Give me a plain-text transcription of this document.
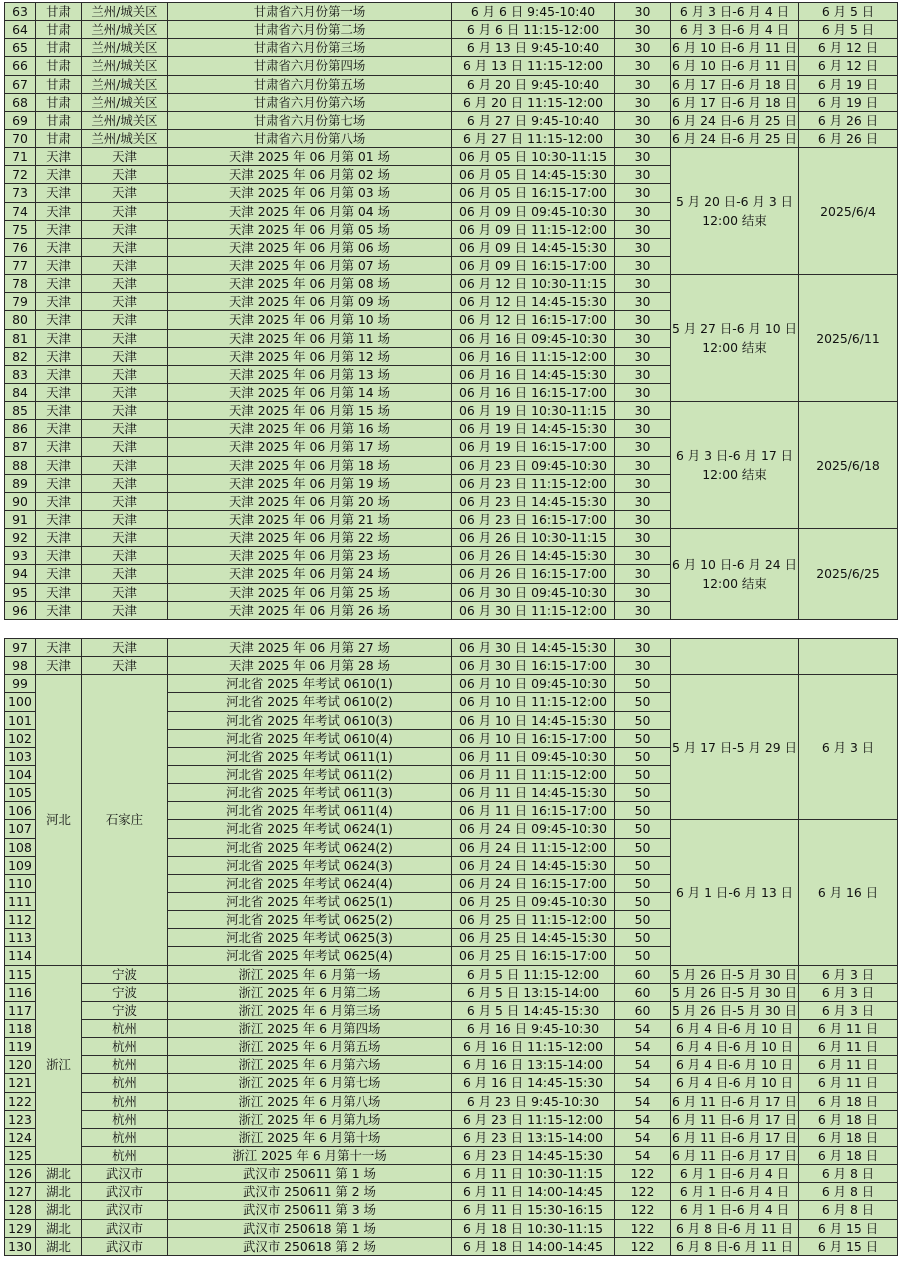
63	甘肃	兰州/城关区	甘肃省六月份第一场	6 月 6 日 9:45-10:40	30	6 月 3 日-6 月 4 日	6 月 5 日
64	甘肃	兰州/城关区	甘肃省六月份第二场	6 月 6 日 11:15-12:00	30	6 月 3 日-6 月 4 日	6 月 5 日
65	甘肃	兰州/城关区	甘肃省六月份第三场	6 月 13 日 9:45-10:40	30	6 月 10 日-6 月 11 日	6 月 12 日
66	甘肃	兰州/城关区	甘肃省六月份第四场	6 月 13 日 11:15-12:00	30	6 月 10 日-6 月 11 日	6 月 12 日
67	甘肃	兰州/城关区	甘肃省六月份第五场	6 月 20 日 9:45-10:40	30	6 月 17 日-6 月 18 日	6 月 19 日
68	甘肃	兰州/城关区	甘肃省六月份第六场	6 月 20 日 11:15-12:00	30	6 月 17 日-6 月 18 日	6 月 19 日
69	甘肃	兰州/城关区	甘肃省六月份第七场	6 月 27 日 9:45-10:40	30	6 月 24 日-6 月 25 日	6 月 26 日
70	甘肃	兰州/城关区	甘肃省六月份第八场	6 月 27 日 11:15-12:00	30	6 月 24 日-6 月 25 日	6 月 26 日
71	天津	天津	天津 2025 年 06 月第 01 场	06 月 05 日 10:30-11:15	30	5 月 20 日-6 月 3 日 12:00 结束	2025/6/4
72	天津	天津	天津 2025 年 06 月第 02 场	06 月 05 日 14:45-15:30	30		
73	天津	天津	天津 2025 年 06 月第 03 场	06 月 05 日 16:15-17:00	30		
74	天津	天津	天津 2025 年 06 月第 04 场	06 月 09 日 09:45-10:30	30		
75	天津	天津	天津 2025 年 06 月第 05 场	06 月 09 日 11:15-12:00	30		
76	天津	天津	天津 2025 年 06 月第 06 场	06 月 09 日 14:45-15:30	30		
77	天津	天津	天津 2025 年 06 月第 07 场	06 月 09 日 16:15-17:00	30		
78	天津	天津	天津 2025 年 06 月第 08 场	06 月 12 日 10:30-11:15	30	5 月 27 日-6 月 10 日 12:00 结束	2025/6/11
79	天津	天津	天津 2025 年 06 月第 09 场	06 月 12 日 14:45-15:30	30		
80	天津	天津	天津 2025 年 06 月第 10 场	06 月 12 日 16:15-17:00	30		
81	天津	天津	天津 2025 年 06 月第 11 场	06 月 16 日 09:45-10:30	30		
82	天津	天津	天津 2025 年 06 月第 12 场	06 月 16 日 11:15-12:00	30		
83	天津	天津	天津 2025 年 06 月第 13 场	06 月 16 日 14:45-15:30	30		
84	天津	天津	天津 2025 年 06 月第 14 场	06 月 16 日 16:15-17:00	30		
85	天津	天津	天津 2025 年 06 月第 15 场	06 月 19 日 10:30-11:15	30	6 月 3 日-6 月 17 日 12:00 结束	2025/6/18
86	天津	天津	天津 2025 年 06 月第 16 场	06 月 19 日 14:45-15:30	30		
87	天津	天津	天津 2025 年 06 月第 17 场	06 月 19 日 16:15-17:00	30		
88	天津	天津	天津 2025 年 06 月第 18 场	06 月 23 日 09:45-10:30	30		
89	天津	天津	天津 2025 年 06 月第 19 场	06 月 23 日 11:15-12:00	30		
90	天津	天津	天津 2025 年 06 月第 20 场	06 月 23 日 14:45-15:30	30		
91	天津	天津	天津 2025 年 06 月第 21 场	06 月 23 日 16:15-17:00	30		
92	天津	天津	天津 2025 年 06 月第 22 场	06 月 26 日 10:30-11:15	30	6 月 10 日-6 月 24 日 12:00 结束	2025/6/25
93	天津	天津	天津 2025 年 06 月第 23 场	06 月 26 日 14:45-15:30	30		
94	天津	天津	天津 2025 年 06 月第 24 场	06 月 26 日 16:15-17:00	30		
95	天津	天津	天津 2025 年 06 月第 25 场	06 月 30 日 09:45-10:30	30		
96	天津	天津	天津 2025 年 06 月第 26 场	06 月 30 日 11:15-12:00	30		
97	天津	天津	天津 2025 年 06 月第 27 场	06 月 30 日 14:45-15:30	30		
98	天津	天津	天津 2025 年 06 月第 28 场	06 月 30 日 16:15-17:00	30		
99	河北	石家庄	河北省 2025 年考试 0610(1)	06 月 10 日 09:45-10:30	50	5 月 17 日-5 月 29 日	6 月 3 日
100			河北省 2025 年考试 0610(2)	06 月 10 日 11:15-12:00	50		
101			河北省 2025 年考试 0610(3)	06 月 10 日 14:45-15:30	50		
102			河北省 2025 年考试 0610(4)	06 月 10 日 16:15-17:00	50		
103			河北省 2025 年考试 0611(1)	06 月 11 日 09:45-10:30	50		
104			河北省 2025 年考试 0611(2)	06 月 11 日 11:15-12:00	50		
105			河北省 2025 年考试 0611(3)	06 月 11 日 14:45-15:30	50		
106			河北省 2025 年考试 0611(4)	06 月 11 日 16:15-17:00	50		
107			河北省 2025 年考试 0624(1)	06 月 24 日 09:45-10:30	50	6 月 1 日-6 月 13 日	6 月 16 日
108			河北省 2025 年考试 0624(2)	06 月 24 日 11:15-12:00	50		
109			河北省 2025 年考试 0624(3)	06 月 24 日 14:45-15:30	50		
110			河北省 2025 年考试 0624(4)	06 月 24 日 16:15-17:00	50		
111			河北省 2025 年考试 0625(1)	06 月 25 日 09:45-10:30	50		
112			河北省 2025 年考试 0625(2)	06 月 25 日 11:15-12:00	50		
113			河北省 2025 年考试 0625(3)	06 月 25 日 14:45-15:30	50		
114			河北省 2025 年考试 0625(4)	06 月 25 日 16:15-17:00	50		
115	浙江	宁波	浙江 2025 年 6 月第一场	6 月 5 日 11:15-12:00	60	5 月 26 日-5 月 30 日	6 月 3 日
116		宁波	浙江 2025 年 6 月第二场	6 月 5 日 13:15-14:00	60	5 月 26 日-5 月 30 日	6 月 3 日
117		宁波	浙江 2025 年 6 月第三场	6 月 5 日 14:45-15:30	60	5 月 26 日-5 月 30 日	6 月 3 日
118		杭州	浙江 2025 年 6 月第四场	6 月 16 日 9:45-10:30	54	6 月 4 日-6 月 10 日	6 月 11 日
119		杭州	浙江 2025 年 6 月第五场	6 月 16 日 11:15-12:00	54	6 月 4 日-6 月 10 日	6 月 11 日
120		杭州	浙江 2025 年 6 月第六场	6 月 16 日 13:15-14:00	54	6 月 4 日-6 月 10 日	6 月 11 日
121		杭州	浙江 2025 年 6 月第七场	6 月 16 日 14:45-15:30	54	6 月 4 日-6 月 10 日	6 月 11 日
122		杭州	浙江 2025 年 6 月第八场	6 月 23 日 9:45-10:30	54	6 月 11 日-6 月 17 日	6 月 18 日
123		杭州	浙江 2025 年 6 月第九场	6 月 23 日 11:15-12:00	54	6 月 11 日-6 月 17 日	6 月 18 日
124		杭州	浙江 2025 年 6 月第十场	6 月 23 日 13:15-14:00	54	6 月 11 日-6 月 17 日	6 月 18 日
125		杭州	浙江 2025 年 6 月第十一场	6 月 23 日 14:45-15:30	54	6 月 11 日-6 月 17 日	6 月 18 日
126	湖北	武汉市	武汉市 250611 第 1 场	6 月 11 日 10:30-11:15	122	6 月 1 日-6 月 4 日	6 月 8 日
127	湖北	武汉市	武汉市 250611 第 2 场	6 月 11 日 14:00-14:45	122	6 月 1 日-6 月 4 日	6 月 8 日
128	湖北	武汉市	武汉市 250611 第 3 场	6 月 11 日 15:30-16:15	122	6 月 1 日-6 月 4 日	6 月 8 日
129	湖北	武汉市	武汉市 250618 第 1 场	6 月 18 日 10:30-11:15	122	6 月 8 日-6 月 11 日	6 月 15 日
130	湖北	武汉市	武汉市 250618 第 2 场	6 月 18 日 14:00-14:45	122	6 月 8 日-6 月 11 日	6 月 15 日
